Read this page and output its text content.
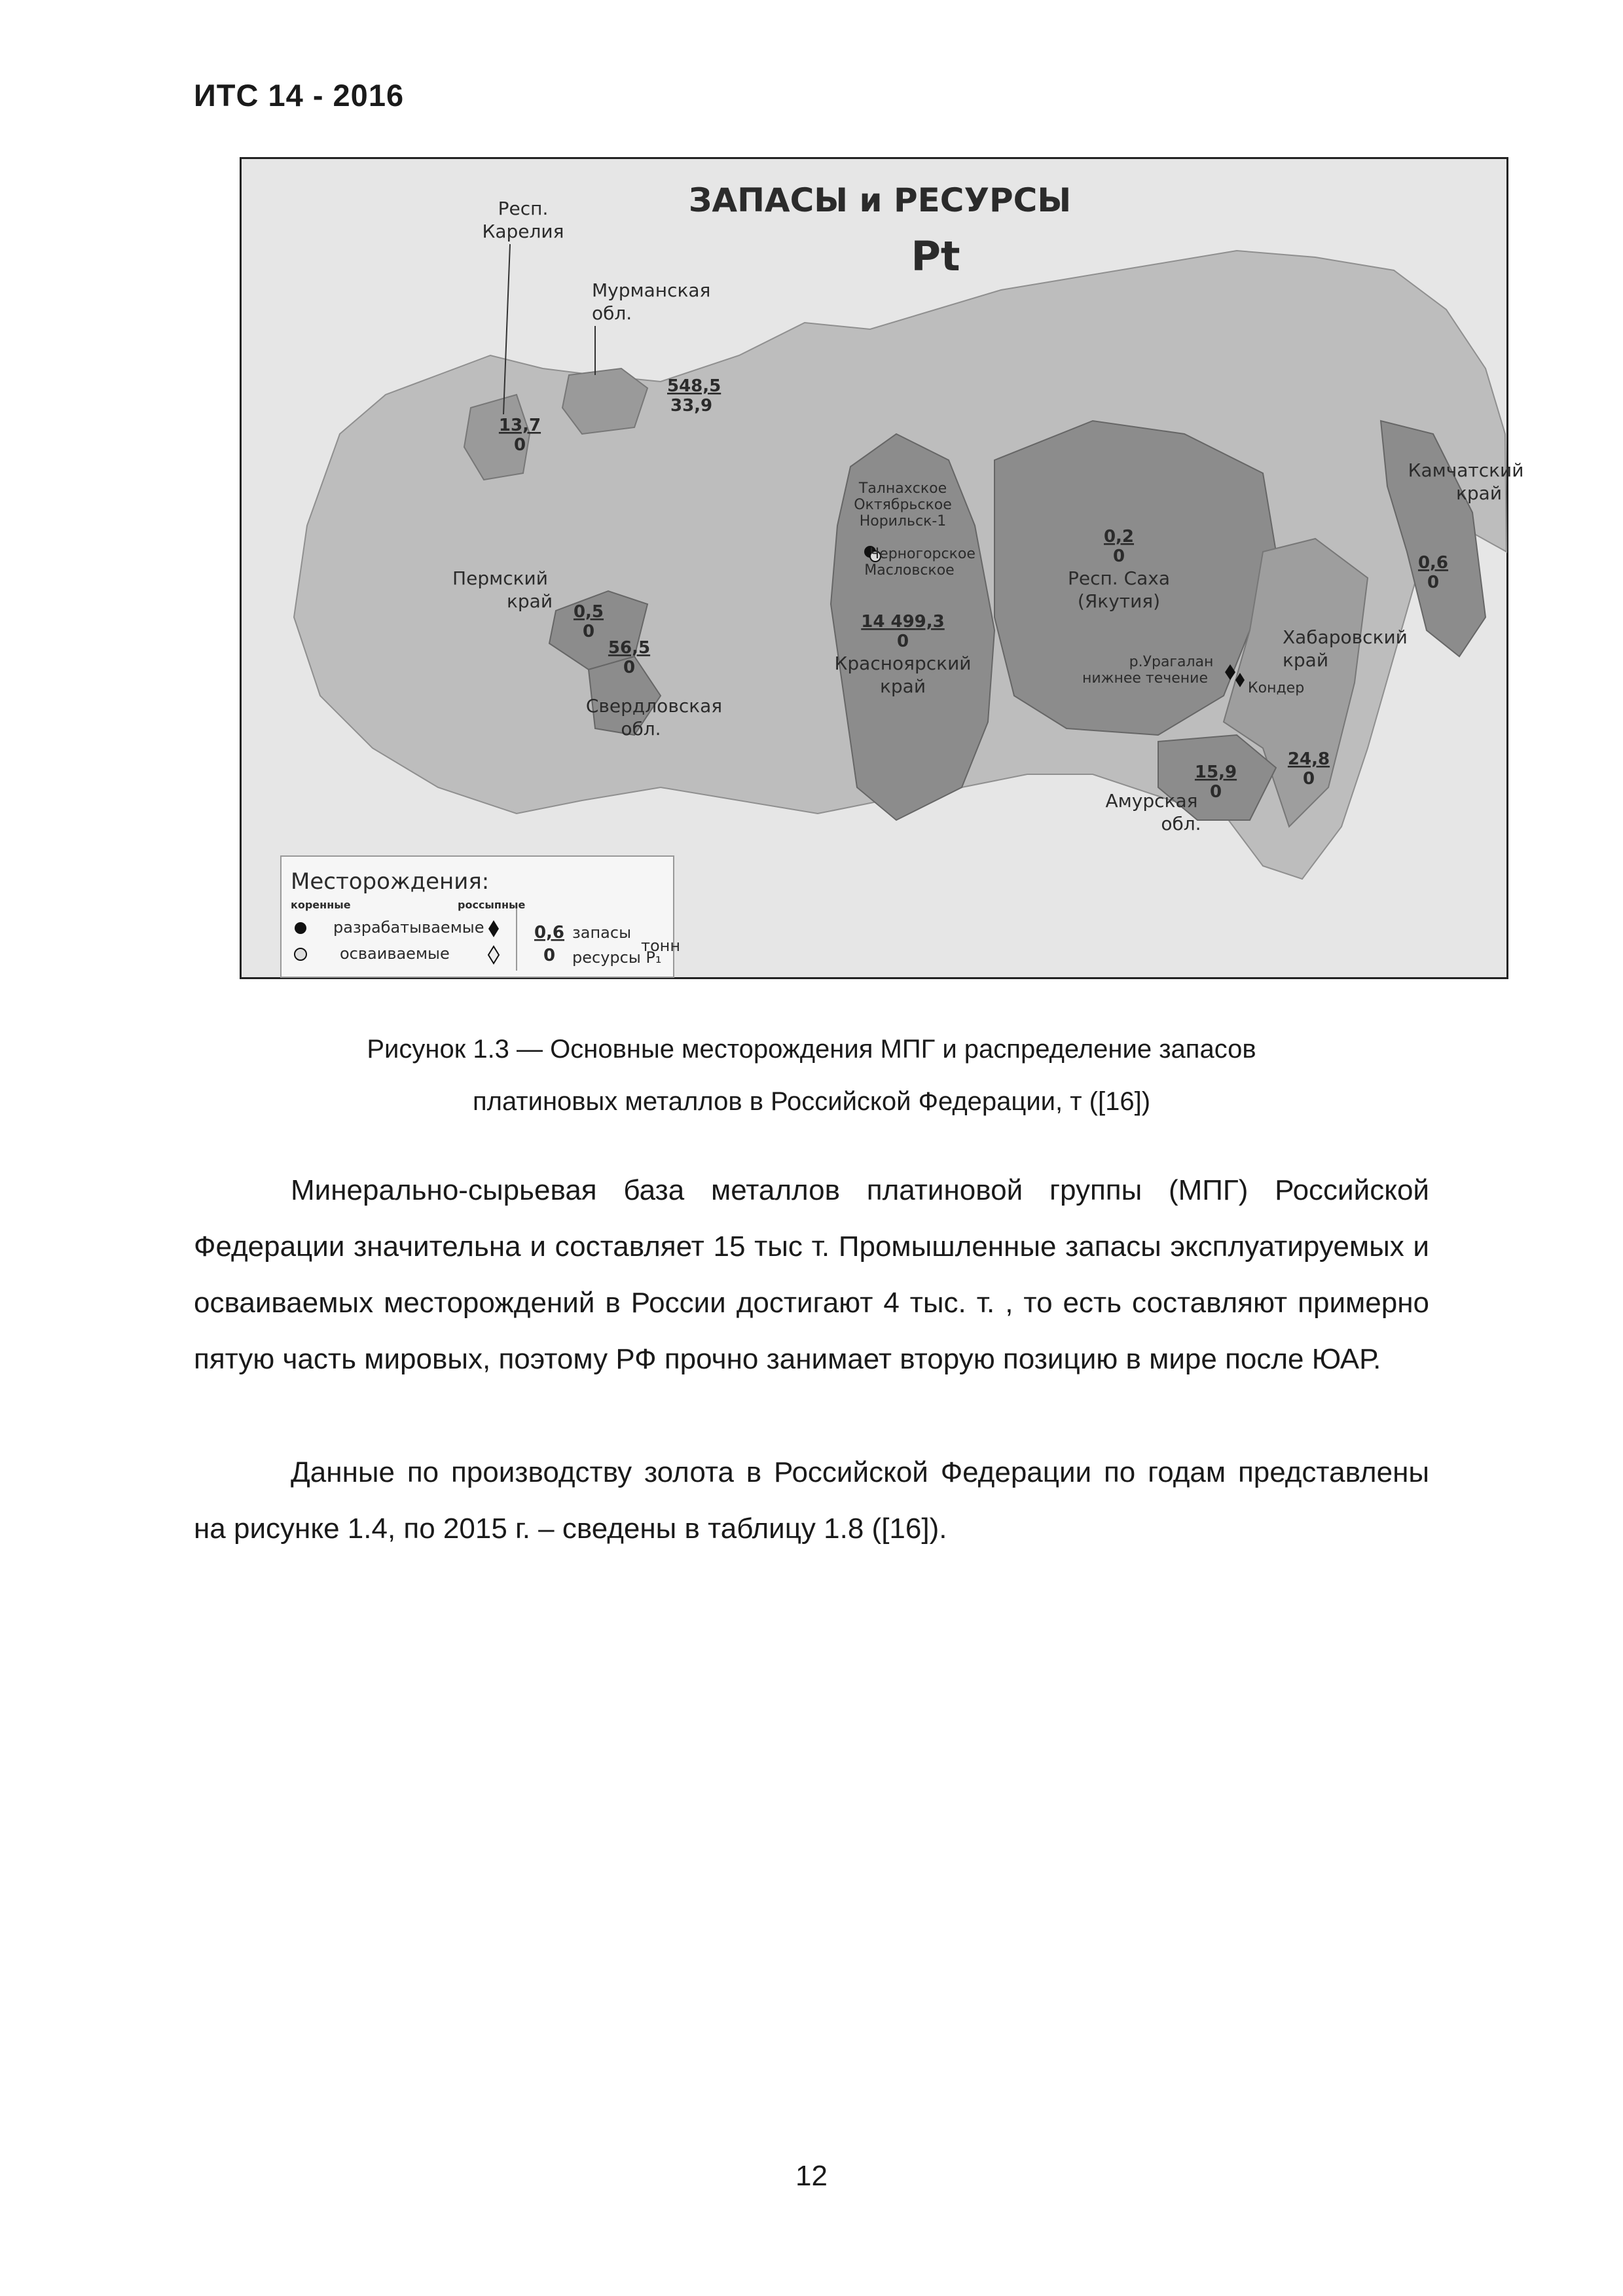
ИТС 14 - 2016
ЗАПАСЫ и РЕСУРСЫ
Pt
Респ.
Карелия
13,7
0
Мурманская
обл.
548,5
33,9
Пермский
край 0,5
0
56,5
0
Свердловская
обл.
Талнахское
Октябрьское
Норильск-1
Черногорское
Масловское
14 499,3
0
Красноярский
край
0,2
0
Респ. Саха
(Якутия)
р.Урагалан
нижнее течение
Хабаровский
край
Кондер
24,8
0
15,9
0
Амурская
обл.
Камчатский
край
0,6
0
Месторождения:
коренные	россыпные
разрабатываемые
осваиваемые
0,6
0
запасы
ресурсы P₁
тонн
Рисунок 1.3 — Основные месторождения МПГ и распределение запасов
платиновых металлов в Российской Федерации, т ([16])
Минерально-сырьевая база металлов платиновой группы (МПГ) Российской Федерации значительна и составляет 15 тыс т. Промышленные запасы эксплуатируемых и осваиваемых месторождений в России достигают 4 тыс. т. , то есть составляют примерно пятую часть мировых, поэтому РФ прочно занимает вторую позицию в мире после ЮАР.
Данные по производству золота в Российской Федерации по годам представлены на рисунке 1.4, по 2015 г. – сведены в таблицу 1.8 ([16]).
12
